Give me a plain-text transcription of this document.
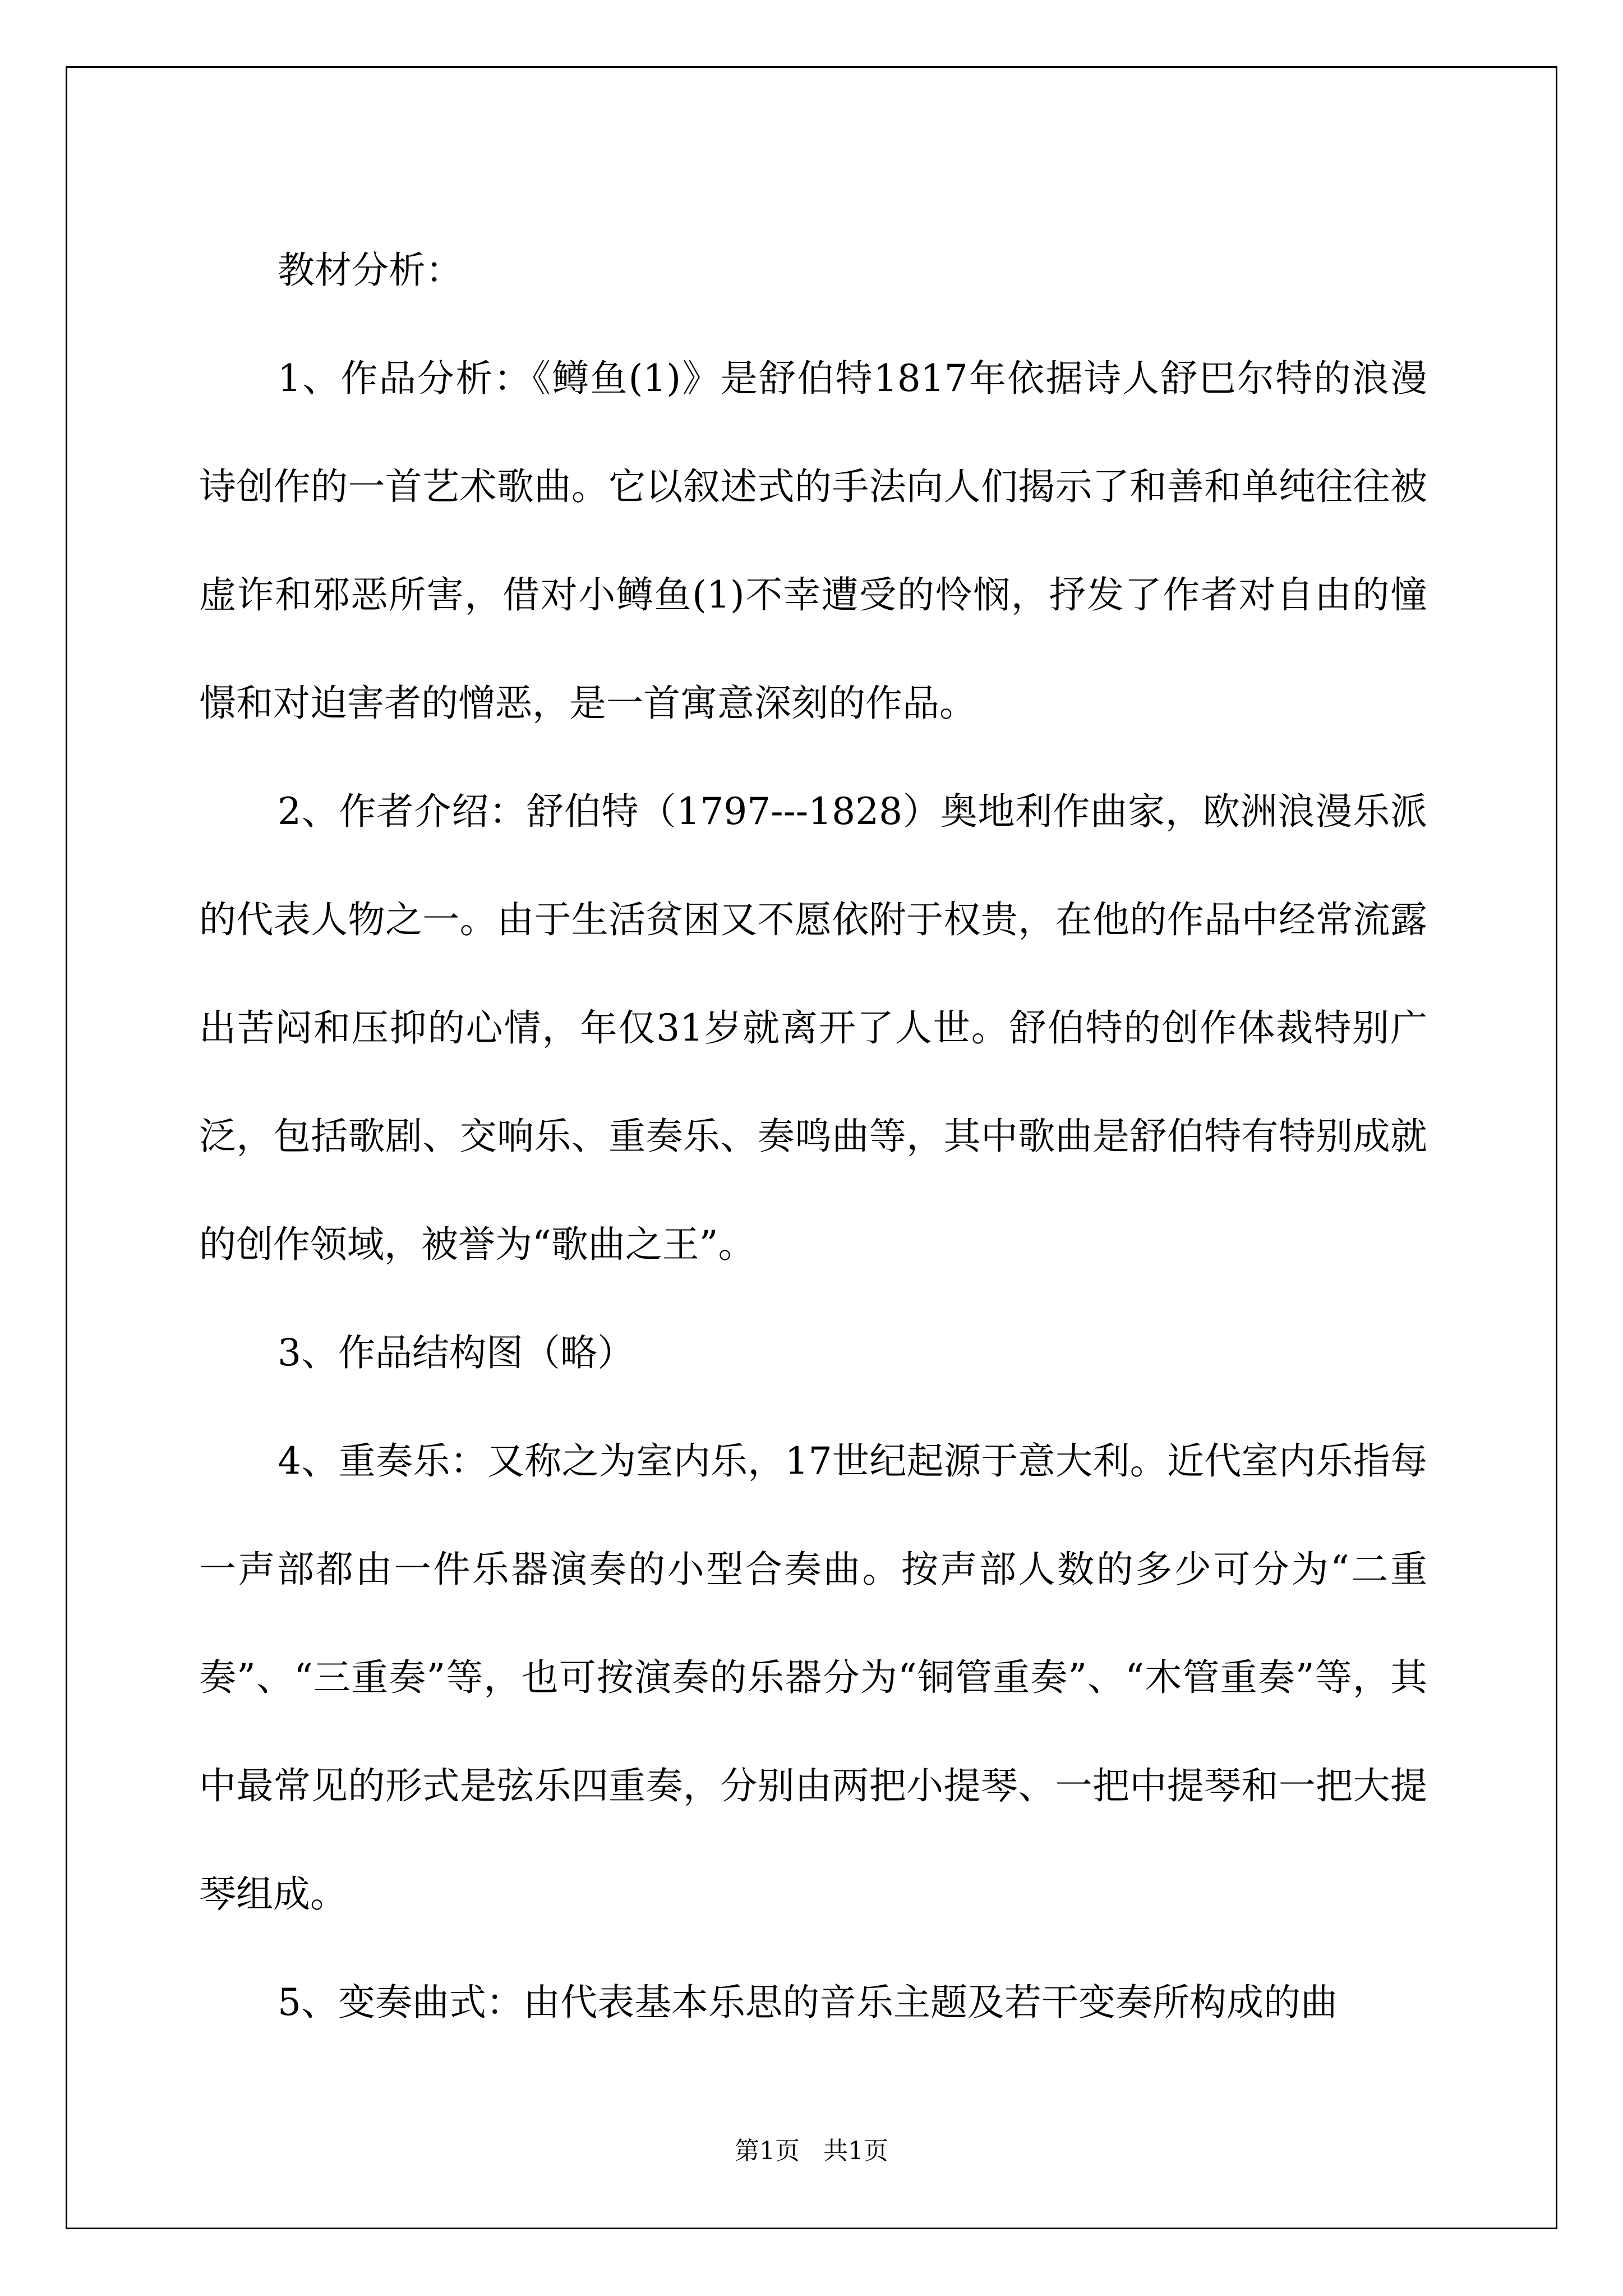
教材分析：

1、作品分析：《鳟鱼(1)》是舒伯特1817年依据诗人舒巴尔特的浪漫诗创作的一首艺术歌曲。它以叙述式的手法向人们揭示了和善和单纯往往被虚诈和邪恶所害，借对小鳟鱼(1)不幸遭受的怜悯，抒发了作者对自由的憧憬和对迫害者的憎恶，是一首寓意深刻的作品。

2、作者介绍：舒伯特（1797---1828）奥地利作曲家，欧洲浪漫乐派的代表人物之一。由于生活贫困又不愿依附于权贵，在他的作品中经常流露出苦闷和压抑的心情，年仅31岁就离开了人世。舒伯特的创作体裁特别广泛，包括歌剧、交响乐、重奏乐、奏鸣曲等，其中歌曲是舒伯特有特别成就的创作领域，被誉为“歌曲之王”。

3、作品结构图（略）

4、重奏乐：又称之为室内乐，17世纪起源于意大利。近代室内乐指每一声部都由一件乐器演奏的小型合奏曲。按声部人数的多少可分为“二重奏”、“三重奏”等，也可按演奏的乐器分为“铜管重奏”、“木管重奏”等，其中最常见的形式是弦乐四重奏，分别由两把小提琴、一把中提琴和一把大提琴组成。

5、变奏曲式：由代表基本乐思的音乐主题及若干变奏所构成的曲

第1页   共1页
